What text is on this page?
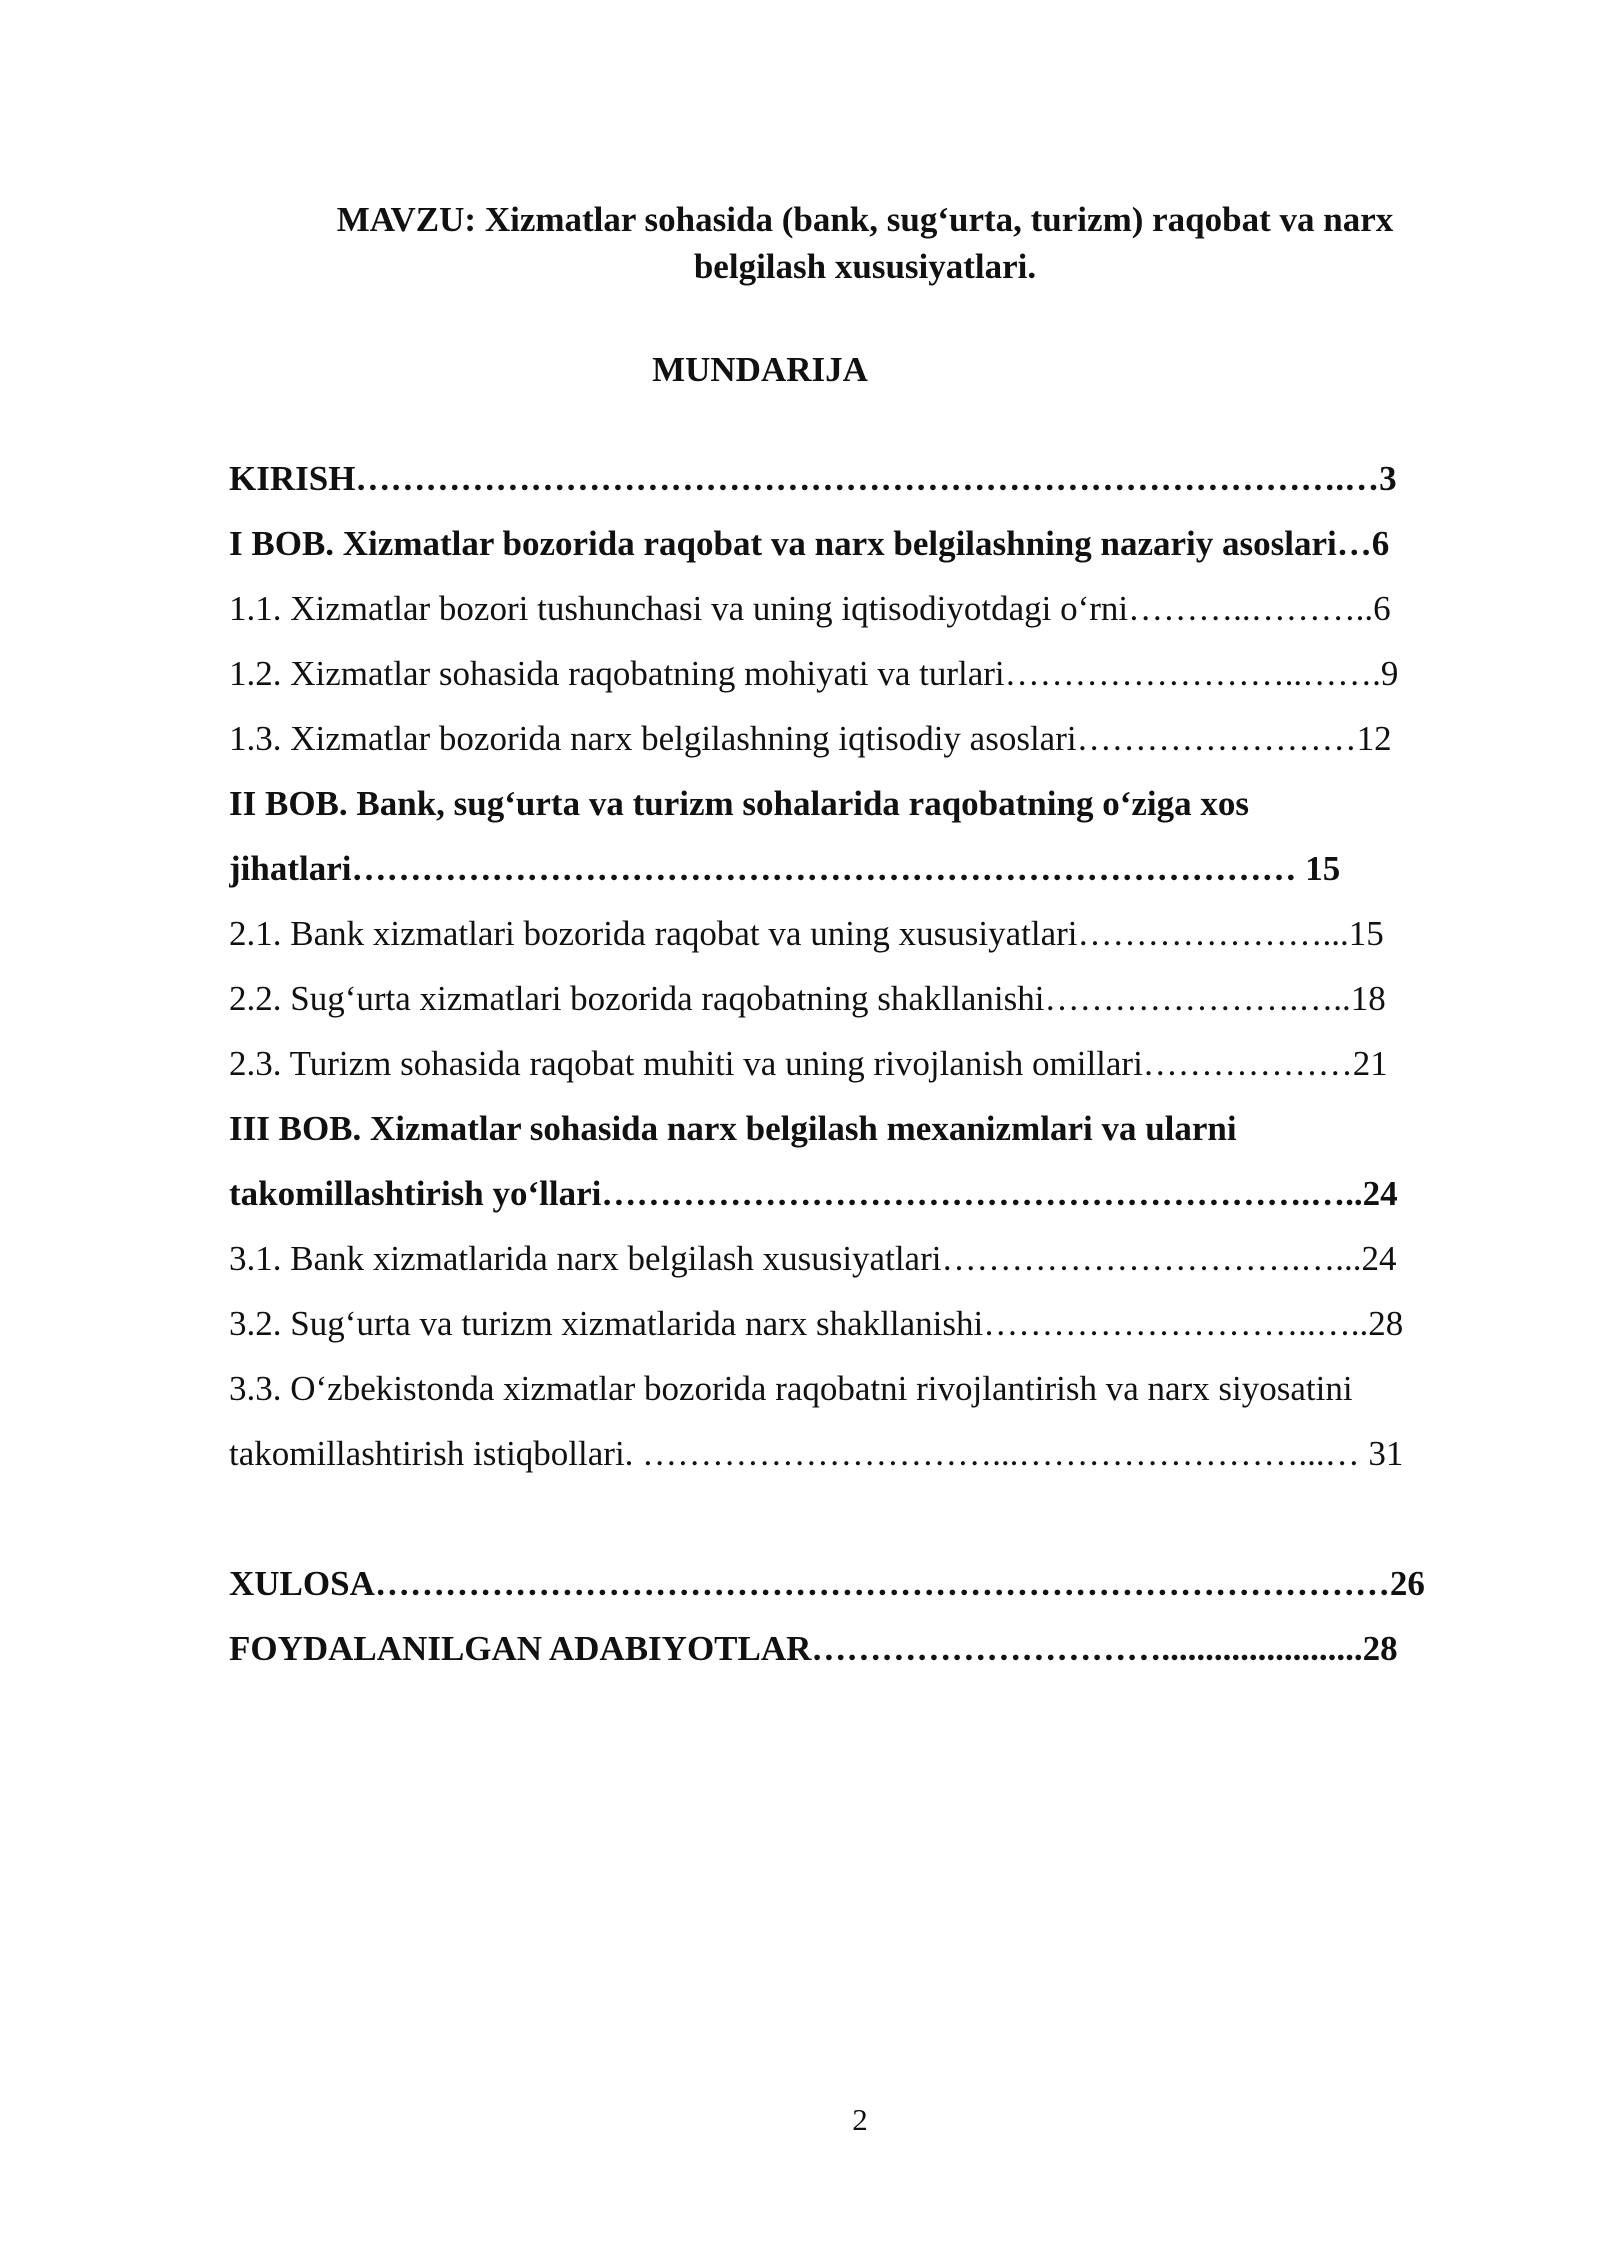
MAVZU: Xizmatlar sohasida (bank, sug‘urta, turizm) raqobat va narx
belgilash xususiyatlari.
MUNDARIJA
KIRISH………………………………………………………………………….…3
I BOB. Xizmatlar bozorida raqobat va narx belgilashning nazariy asoslari…6
1.1. Xizmatlar bozori tushunchasi va uning iqtisodiyotdagi o‘rni………..………..6
1.2. Xizmatlar sohasida raqobatning mohiyati va turlari……………………..…….9
1.3. Xizmatlar bozorida narx belgilashning iqtisodiy asoslari……………………12
II BOB. Bank, sug‘urta va turizm sohalarida raqobatning o‘ziga xos
jihatlari……………………………………………………………………… 15
2.1. Bank xizmatlari bozorida raqobat va uning xususiyatlari…………………...15
2.2. Sug‘urta xizmatlari bozorida raqobatning shakllanishi………………….…..18
2.3. Turizm sohasida raqobat muhiti va uning rivojlanish omillari………………21
III BOB. Xizmatlar sohasida narx belgilash mexanizmlari va ularni
takomillashtirish yo‘llari…………………………………………………….…..24
3.1. Bank xizmatlarida narx belgilash xususiyatlari………………………….…...24
3.2. Sug‘urta va turizm xizmatlarida narx shakllanishi………………………..…..28
3.3. O‘zbekistonda xizmatlar bozorida raqobatni rivojlantirish va narx siyosatini
takomillashtirish istiqbollari. …………………………...……………………...… 31
XULOSA……………………………………………………………………………26
FOYDALANILGAN ADABIYOTLAR………………………….......................28
2
